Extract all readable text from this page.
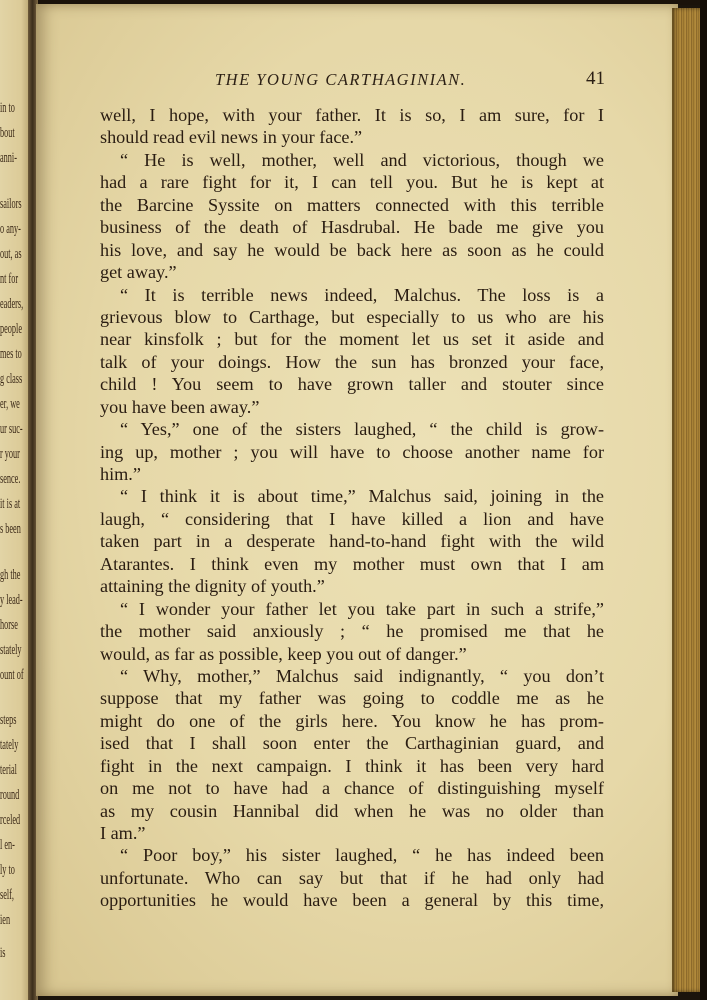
in to
bout
anni-
sailors
o any-
out, as
nt for
eaders,
people
mes to
g class
er, we
ur suc-
r your
sence.
it is at
s been
gh the
y lead-
horse
stately
ount of
steps
tately
terial
round
rceled
l en-
ly to
self,
ien
is
THE YOUNG CARTHAGINIAN.	41
well, I hope, with your father. It is so, I am sure, for I
should read evil news in your face.”
“ He is well, mother, well and victorious, though we
had a rare fight for it, I can tell you. But he is kept at
the Barcine Syssite on matters connected with this terrible
business of the death of Hasdrubal. He bade me give you
his love, and say he would be back here as soon as he could
get away.”
“ It is terrible news indeed, Malchus. The loss is a
grievous blow to Carthage, but especially to us who are his
near kinsfolk ; but for the moment let us set it aside and
talk of your doings. How the sun has bronzed your face,
child ! You seem to have grown taller and stouter since
you have been away.”
“ Yes,” one of the sisters laughed, “ the child is grow-
ing up, mother ; you will have to choose another name for
him.”
“ I think it is about time,” Malchus said, joining in the
laugh, “ considering that I have killed a lion and have
taken part in a desperate hand-to-hand fight with the wild
Atarantes. I think even my mother must own that I am
attaining the dignity of youth.”
“ I wonder your father let you take part in such a strife,”
the mother said anxiously ; “ he promised me that he
would, as far as possible, keep you out of danger.”
“ Why, mother,” Malchus said indignantly, “ you don’t
suppose that my father was going to coddle me as he
might do one of the girls here. You know he has prom-
ised that I shall soon enter the Carthaginian guard, and
fight in the next campaign. I think it has been very hard
on me not to have had a chance of distinguishing myself
as my cousin Hannibal did when he was no older than
I am.”
“ Poor boy,” his sister laughed, “ he has indeed been
unfortunate. Who can say but that if he had only had
opportunities he would have been a general by this time,
